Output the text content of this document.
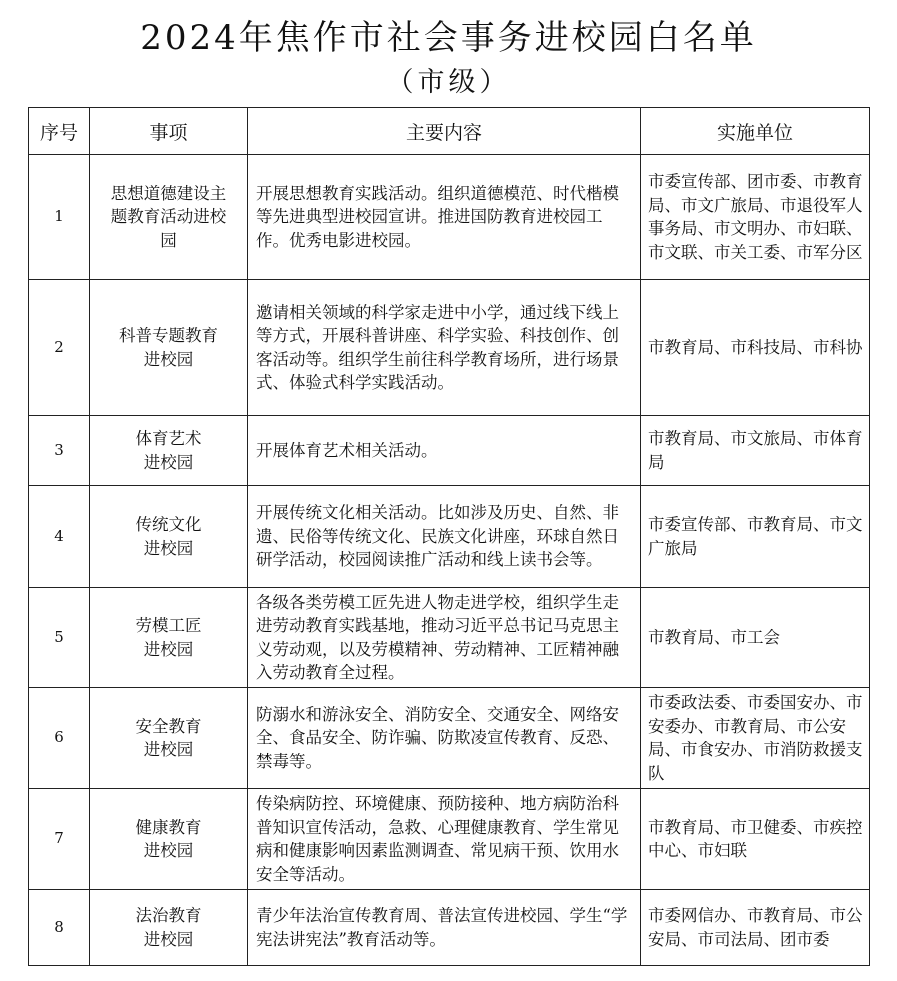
2024年焦作市社会事务进校园白名单
（市级）
序号	事项	主要内容	实施单位
1	思想道德建设主题教育活动进校园	开展思想教育实践活动。组织道德模范、时代楷模等先进典型进校园宣讲。推进国防教育进校园工作。优秀电影进校园。	市委宣传部、团市委、市教育局、市文广旅局、市退役军人事务局、市文明办、市妇联、市文联、市关工委、市军分区
2	科普专题教育进校园	邀请相关领域的科学家走进中小学，通过线下线上等方式，开展科普讲座、科学实验、科技创作、创客活动等。组织学生前往科学教育场所，进行场景式、体验式科学实践活动。	市教育局、市科技局、市科协
3	体育艺术进校园	开展体育艺术相关活动。	市教育局、市文旅局、市体育局
4	传统文化进校园	开展传统文化相关活动。比如涉及历史、自然、非遗、民俗等传统文化、民族文化讲座，环球自然日研学活动，校园阅读推广活动和线上读书会等。	市委宣传部、市教育局、市文广旅局
5	劳模工匠进校园	各级各类劳模工匠先进人物走进学校，组织学生走进劳动教育实践基地，推动习近平总书记马克思主义劳动观，以及劳模精神、劳动精神、工匠精神融入劳动教育全过程。	市教育局、市工会
6	安全教育进校园	防溺水和游泳安全、消防安全、交通安全、网络安全、食品安全、防诈骗、防欺凌宣传教育、反恐、禁毒等。	市委政法委、市委国安办、市安委办、市教育局、市公安局、市食安办、市消防救援支队
7	健康教育进校园	传染病防控、环境健康、预防接种、地方病防治科普知识宣传活动，急救、心理健康教育、学生常见病和健康影响因素监测调查、常见病干预、饮用水安全等活动。	市教育局、市卫健委、市疾控中心、市妇联
8	法治教育进校园	青少年法治宣传教育周、普法宣传进校园、学生“学宪法讲宪法”教育活动等。	市委网信办、市教育局、市公安局、市司法局、团市委
